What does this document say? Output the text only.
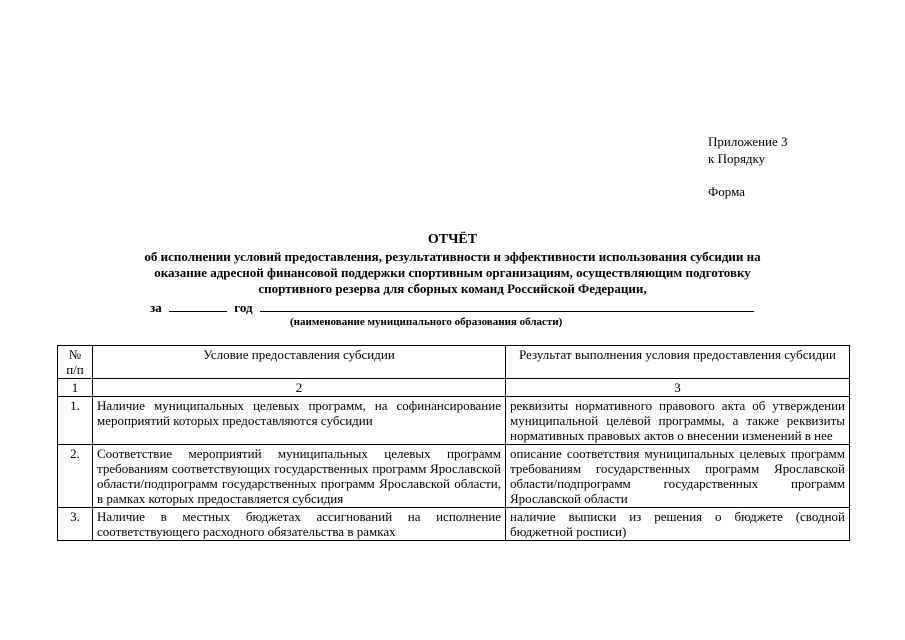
Приложение 3
к Порядку
Форма
ОТЧЁТ
об исполнении условий предоставления, результативности и эффективности использования субсидии на
оказание адресной финансовой поддержки спортивным организациям, осуществляющим подготовку
спортивного резерва для сборных команд Российской Федерации,
за	год
(наименование муниципального образования области)
№ п/п	Условие предоставления субсидии	Результат выполнения условия предоставления субсидии
1	2	3
1.	Наличие муниципальных целевых программ, на софинансирование мероприятий которых предоставляются субсидии	реквизиты нормативного правового акта об утверждении муниципальной целевой программы, а также реквизиты нормативных правовых актов о внесении изменений в нее
2.	Соответствие мероприятий муниципальных целевых программ требованиям соответствующих государственных программ Ярославской области/подпрограмм государственных программ Ярославской области, в рамках которых предоставляется субсидия	описание соответствия муниципальных целевых программ требованиям государственных программ Ярославской области/подпрограмм государственных программ Ярославской области
3.	Наличие в местных бюджетах ассигнований на исполнение соответствующего расходного обязательства в рамках	наличие выписки из решения о бюджете (сводной бюджетной росписи)
